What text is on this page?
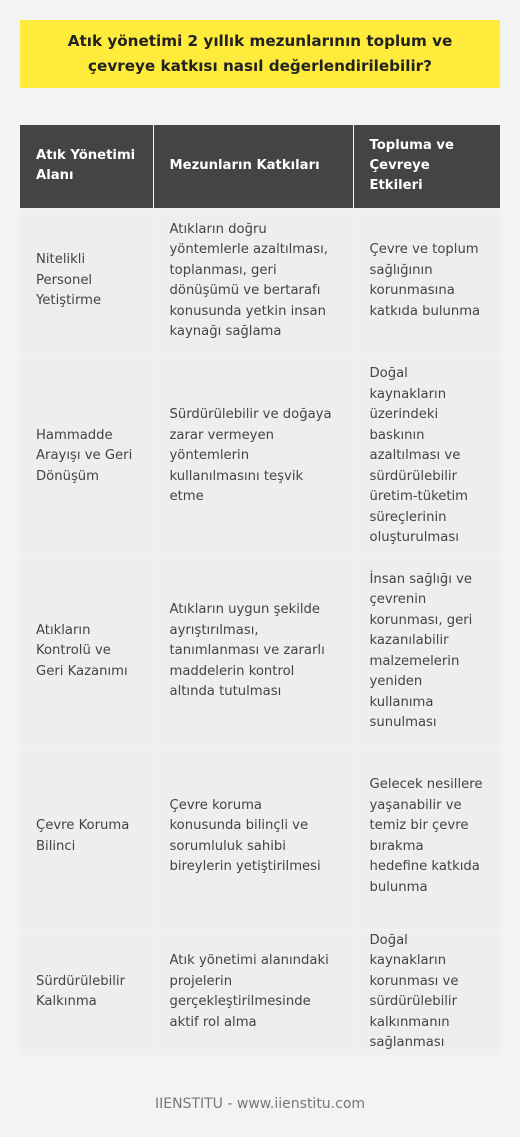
Atık yönetimi 2 yıllık mezunlarının toplum ve çevreye katkısı nasıl değerlendirilebilir?
Atık Yönetimi Alanı	Mezunların Katkıları	Topluma ve Çevreye Etkileri
Nitelikli Personel Yetiştirme	Atıkların doğru yöntemlerle azaltılması, toplanması, geri dönüşümü ve bertarafı konusunda yetkin insan kaynağı sağlama	Çevre ve toplum sağlığının korunmasına katkıda bulunma
Hammadde Arayışı ve Geri Dönüşüm	Sürdürülebilir ve doğaya zarar vermeyen yöntemlerin kullanılmasını teşvik etme	Doğal kaynakların üzerindeki baskının azaltılması ve sürdürülebilir üretim-tüketim süreçlerinin oluşturulması
Atıkların Kontrolü ve Geri Kazanımı	Atıkların uygun şekilde ayrıştırılması, tanımlanması ve zararlı maddelerin kontrol altında tutulması	İnsan sağlığı ve çevrenin korunması, geri kazanılabilir malzemelerin yeniden kullanıma sunulması
Çevre Koruma Bilinci	Çevre koruma konusunda bilinçli ve sorumluluk sahibi bireylerin yetiştirilmesi	Gelecek nesillere yaşanabilir ve temiz bir çevre bırakma hedefine katkıda bulunma
Sürdürülebilir Kalkınma	Atık yönetimi alanındaki projelerin gerçekleştirilmesinde aktif rol alma	Doğal kaynakların korunması ve sürdürülebilir kalkınmanın sağlanması
IIENSTITU - www.iienstitu.com
